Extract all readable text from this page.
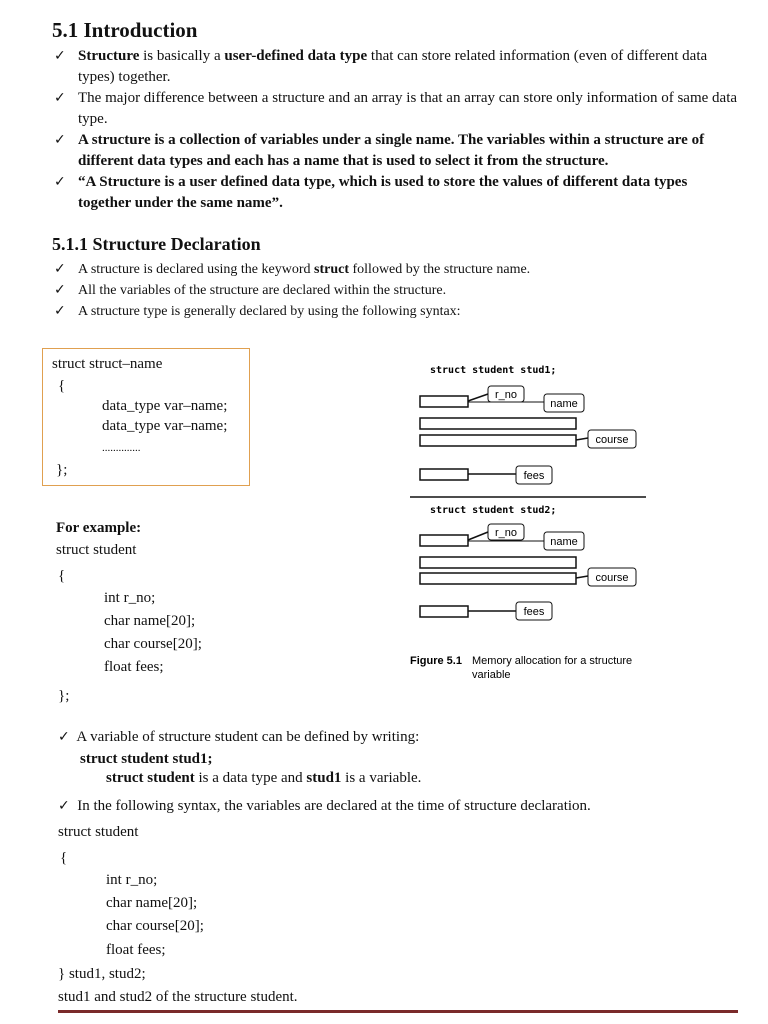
5.1 Introduction
✓ Structure is basically a user-defined data type that can store related information (even of different data types) together.
✓ The major difference between a structure and an array is that an array can store only information of same data type.
✓ A structure is a collection of variables under a single name. The variables within a structure are of different data types and each has a name that is used to select it from the structure.
✓ “A Structure is a user defined data type, which is used to store the values of different data types together under the same name”.
5.1.1 Structure Declaration
✓ A structure is declared using the keyword struct followed by the structure name.
✓ All the variables of the structure are declared within the structure.
✓ A structure type is generally declared by using the following syntax:
struct struct–name
{
data_type var–name;
data_type var–name;
..............
};
For example:
struct student
{
int r_no;
char name[20];
char course[20];
float fees;
};
struct student stud1;
r_no
name
course
fees
struct student stud2;
r_no
name
course
fees
Figure 5.1 Memory allocation for a structure
variable
✓ A variable of structure student can be defined by writing:
struct student stud1;
struct student is a data type and stud1 is a variable.
✓ In the following syntax, the variables are declared at the time of structure declaration.
struct student
{
int r_no;
char name[20];
char course[20];
float fees;
} stud1, stud2;
stud1 and stud2 of the structure student.
